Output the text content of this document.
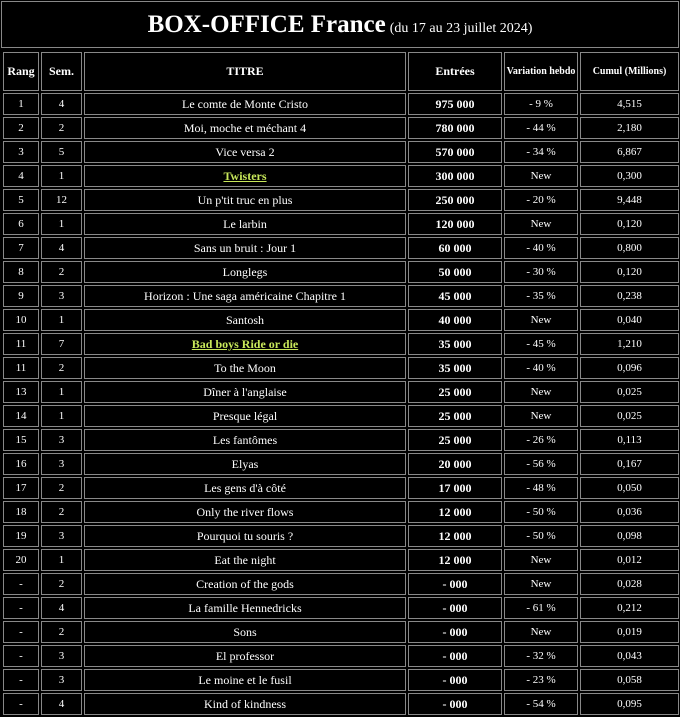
BOX-OFFICE France (du 17 au 23 juillet 2024)
Rang	Sem.	TITRE	Entrées	Variation hebdo	Cumul (Millions)
1	4	Le comte de Monte Cristo	975 000	- 9 %	4,515
2	2	Moi, moche et méchant 4	780 000	- 44 %	2,180
3	5	Vice versa 2	570 000	- 34 %	6,867
4	1	Twisters	300 000	New	0,300
5	12	Un p'tit truc en plus	250 000	- 20 %	9,448
6	1	Le larbin	120 000	New	0,120
7	4	Sans un bruit : Jour 1	60 000	- 40 %	0,800
8	2	Longlegs	50 000	- 30 %	0,120
9	3	Horizon : Une saga américaine Chapitre 1	45 000	- 35 %	0,238
10	1	Santosh	40 000	New	0,040
11	7	Bad boys Ride or die	35 000	- 45 %	1,210
11	2	To the Moon	35 000	- 40 %	0,096
13	1	Dîner à l'anglaise	25 000	New	0,025
14	1	Presque légal	25 000	New	0,025
15	3	Les fantômes	25 000	- 26 %	0,113
16	3	Elyas	20 000	- 56 %	0,167
17	2	Les gens d'à côté	17 000	- 48 %	0,050
18	2	Only the river flows	12 000	- 50 %	0,036
19	3	Pourquoi tu souris ?	12 000	- 50 %	0,098
20	1	Eat the night	12 000	New	0,012
-	2	Creation of the gods	- 000	New	0,028
-	4	La famille Hennedricks	- 000	- 61 %	0,212
-	2	Sons	- 000	New	0,019
-	3	El professor	- 000	- 32 %	0,043
-	3	Le moine et le fusil	- 000	- 23 %	0,058
-	4	Kind of kindness	- 000	- 54 %	0,095
